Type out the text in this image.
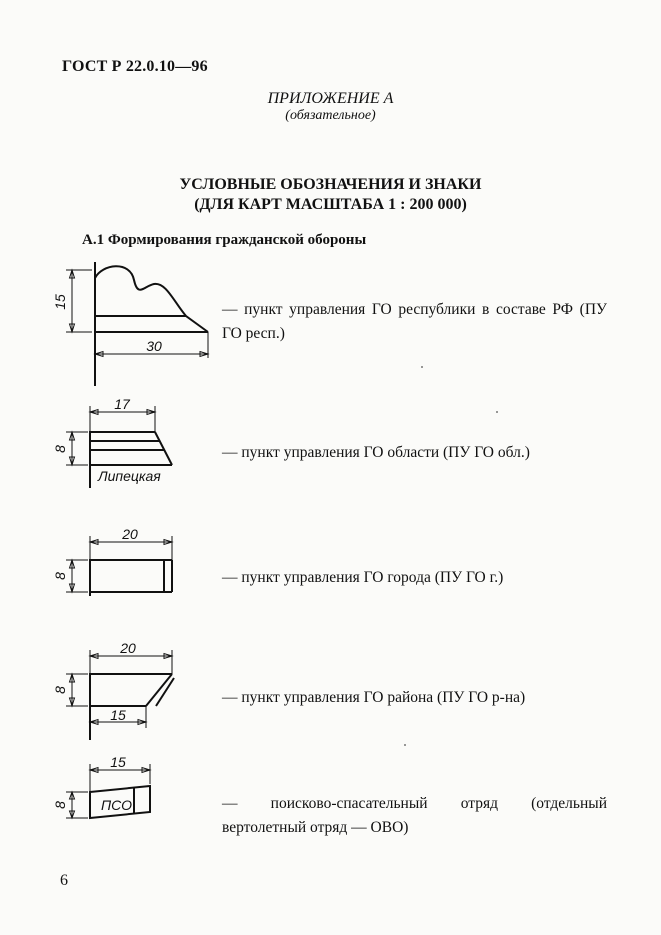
ГОСТ Р 22.0.10—96
ПРИЛОЖЕНИЕ А
(обязательное)
УСЛОВНЫЕ ОБОЗНАЧЕНИЯ И ЗНАКИ
(ДЛЯ КАРТ МАСШТАБА 1 : 200 000)
А.1 Формирования гражданской обороны
15
30
— пункт управления ГО республики в составе РФ (ПУ ГО респ.)
17
8
Липецкая
— пункт управления ГО области (ПУ ГО обл.)
20
8	— пункт управления ГО города (ПУ ГО г.)
20
15
8	— пункт управления ГО района (ПУ ГО р-на)
15
8 ПСО	— поисково-спасательный отряд (отдельный вертолетный отряд — ОВО)
6
